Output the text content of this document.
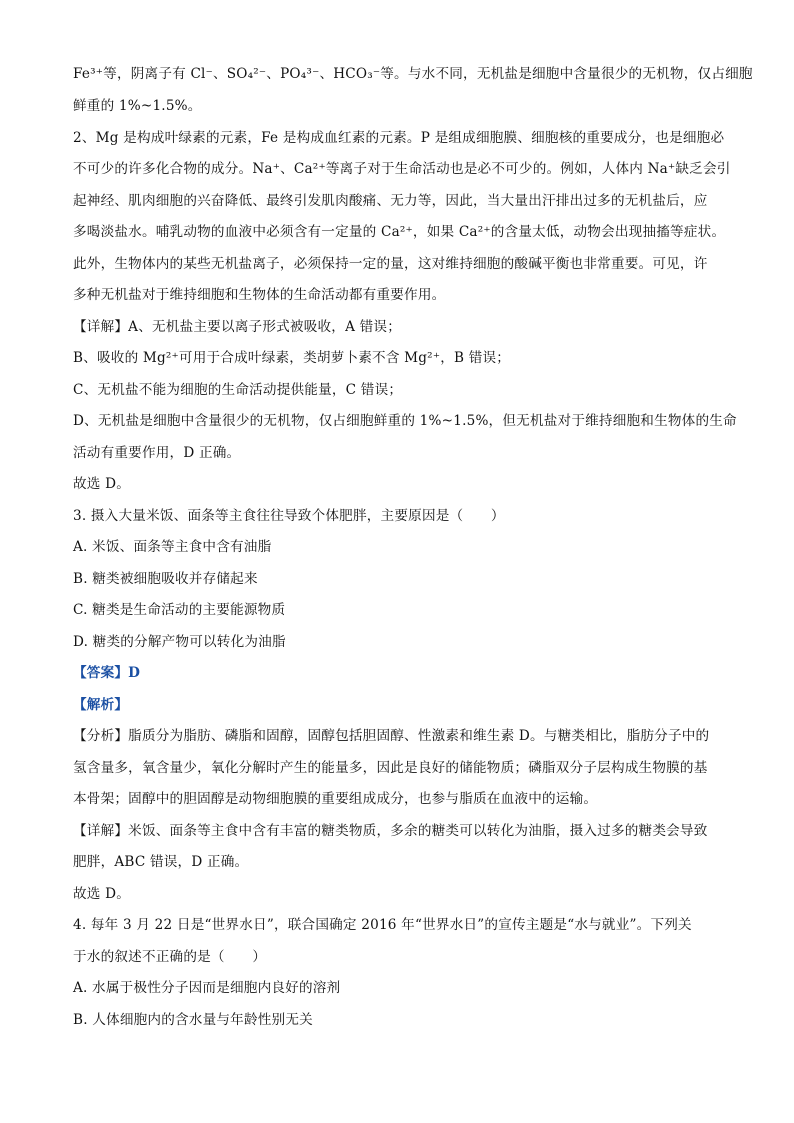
Fe³⁺等，阴离子有 Cl⁻、SO₄²⁻、PO₄³⁻、HCO₃⁻等。与水不同，无机盐是细胞中含量很少的无机物，仅占细胞
鲜重的 1%~1.5%。
2、Mg 是构成叶绿素的元素，Fe 是构成血红素的元素。P 是组成细胞膜、细胞核的重要成分，也是细胞必
不可少的许多化合物的成分。Na⁺、Ca²⁺等离子对于生命活动也是必不可少的。例如，人体内 Na⁺缺乏会引
起神经、肌肉细胞的兴奋降低、最终引发肌肉酸痛、无力等，因此，当大量出汗排出过多的无机盐后，应
多喝淡盐水。哺乳动物的血液中必须含有一定量的 Ca²⁺，如果 Ca²⁺的含量太低，动物会出现抽搐等症状。
此外，生物体内的某些无机盐离子，必须保持一定的量，这对维持细胞的酸碱平衡也非常重要。可见，许
多种无机盐对于维持细胞和生物体的生命活动都有重要作用。
【详解】A、无机盐主要以离子形式被吸收，A 错误；
B、吸收的 Mg²⁺可用于合成叶绿素，类胡萝卜素不含 Mg²⁺，B 错误；
C、无机盐不能为细胞的生命活动提供能量，C 错误；
D、无机盐是细胞中含量很少的无机物，仅占细胞鲜重的 1%~1.5%，但无机盐对于维持细胞和生物体的生命
活动有重要作用，D 正确。
故选 D。
3. 摄入大量米饭、面条等主食往往导致个体肥胖，主要原因是（　　）
A. 米饭、面条等主食中含有油脂
B. 糖类被细胞吸收并存储起来
C. 糖类是生命活动的主要能源物质
D. 糖类的分解产物可以转化为油脂
【答案】D
【解析】
【分析】脂质分为脂肪、磷脂和固醇，固醇包括胆固醇、性激素和维生素 D。与糖类相比，脂肪分子中的
氢含量多，氧含量少，氧化分解时产生的能量多，因此是良好的储能物质；磷脂双分子层构成生物膜的基
本骨架；固醇中的胆固醇是动物细胞膜的重要组成成分，也参与脂质在血液中的运输。
【详解】米饭、面条等主食中含有丰富的糖类物质，多余的糖类可以转化为油脂，摄入过多的糖类会导致
肥胖，ABC 错误，D 正确。
故选 D。
4. 每年 3 月 22 日是“世界水日”，联合国确定 2016 年“世界水日”的宣传主题是“水与就业”。下列关
于水的叙述不正确的是（　　）
A. 水属于极性分子因而是细胞内良好的溶剂
B. 人体细胞内的含水量与年龄性别无关
